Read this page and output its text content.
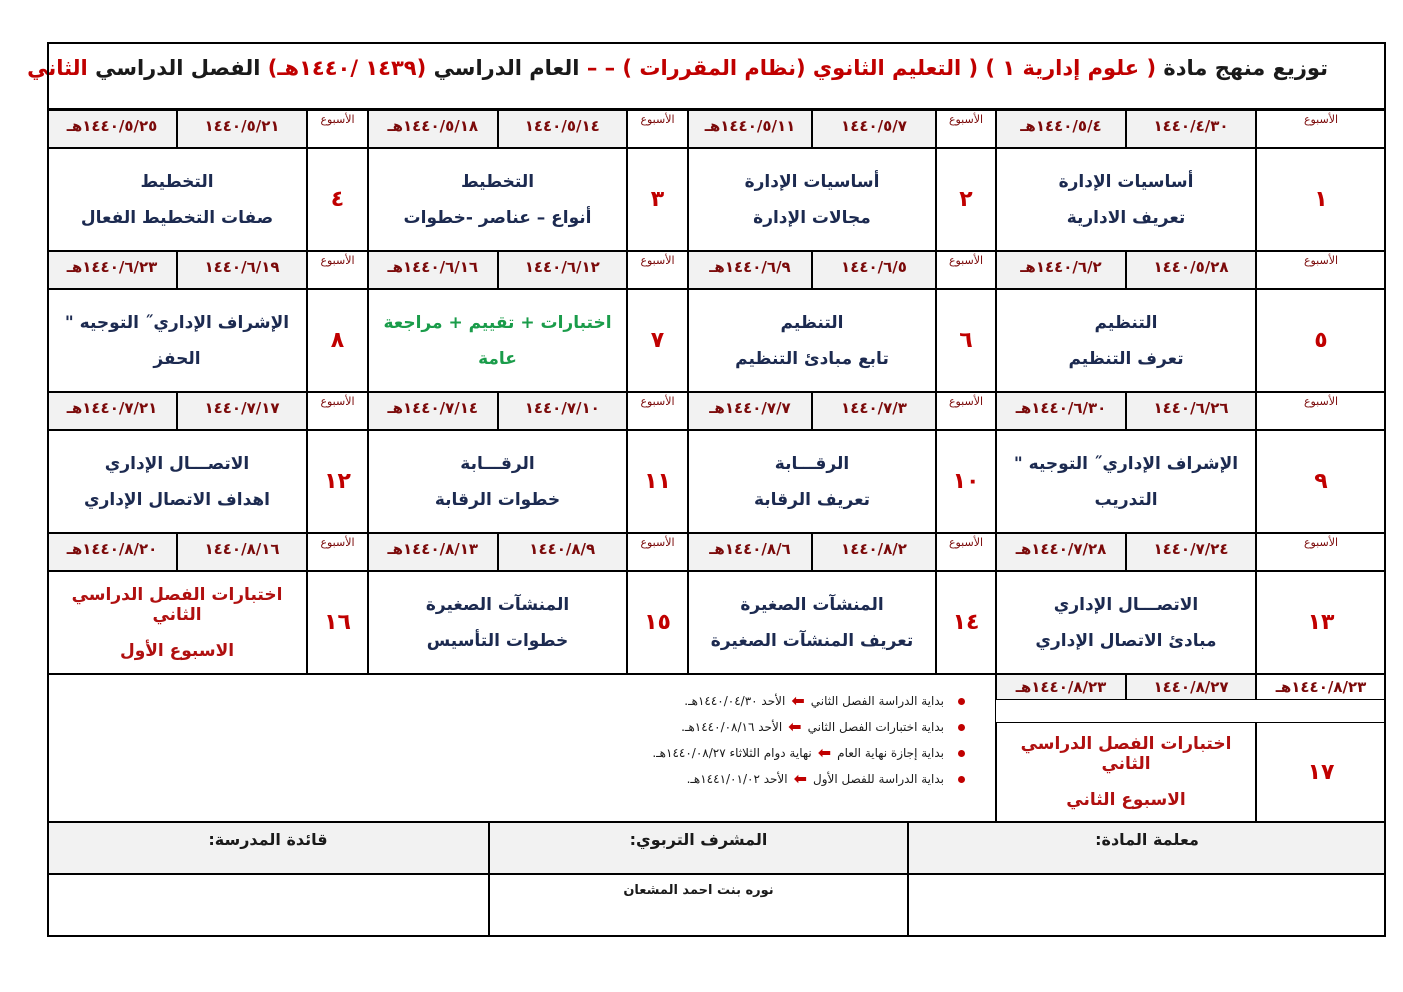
توزيع منهج مادة ( علوم إدارية ١ ) ( التعليم الثانوي (نظام المقررات ) – – العام الدراسي (١٤٣٩ /١٤٤٠هـ) الفصل الدراسي الثاني
الأسبوع
١٤٤٠/٤/٣٠
١٤٤٠/٥/٤هـ
١
أساسيات الإدارة
تعريف الادارية
الأسبوع
١٤٤٠/٥/٧
١٤٤٠/٥/١١هـ
٢
أساسيات الإدارة
مجالات الإدارة
الأسبوع
١٤٤٠/٥/١٤
١٤٤٠/٥/١٨هـ
٣
التخطيط
أنواع – عناصر -خطوات
الأسبوع
١٤٤٠/٥/٢١
١٤٤٠/٥/٢٥هـ
٤
التخطيط
صفات التخطيط الفعال
الأسبوع
١٤٤٠/٥/٢٨
١٤٤٠/٦/٢هـ
٥
التنظيم
تعرف التنظيم
الأسبوع
١٤٤٠/٦/٥
١٤٤٠/٦/٩هـ
٦
التنظيم
تابع مبادئ التنظيم
الأسبوع
١٤٤٠/٦/١٢
١٤٤٠/٦/١٦هـ
٧
اختبارات + تقييم + مراجعة
عامة
الأسبوع
١٤٤٠/٦/١٩
١٤٤٠/٦/٢٣هـ
٨
الإشراف الإداري˝ التوجيه "
الحفز
الأسبوع
١٤٤٠/٦/٢٦
١٤٤٠/٦/٣٠هـ
٩
الإشراف الإداري˝ التوجيه "
التدريب
الأسبوع
١٤٤٠/٧/٣
١٤٤٠/٧/٧هـ
١٠
الرقـــابة
تعريف الرقابة
الأسبوع
١٤٤٠/٧/١٠
١٤٤٠/٧/١٤هـ
١١
الرقـــابة
خطوات الرقابة
الأسبوع
١٤٤٠/٧/١٧
١٤٤٠/٧/٢١هـ
١٢
الاتصـــال الإداري
اهداف الاتصال الإداري
الأسبوع
١٤٤٠/٧/٢٤
١٤٤٠/٧/٢٨هـ
١٣
الاتصـــال الإداري
مبادئ الاتصال الإداري
الأسبوع
١٤٤٠/٨/٢
١٤٤٠/٨/٦هـ
١٤
المنشآت الصغيرة
تعريف المنشآت الصغيرة
الأسبوع
١٤٤٠/٨/٩
١٤٤٠/٨/١٣هـ
١٥
المنشآت الصغيرة
خطوات التأسيس
الأسبوع
١٤٤٠/٨/١٦
١٤٤٠/٨/٢٠هـ
١٦
اختبارات الفصل الدراسي الثاني
الاسبوع الأول
١٤٤٠/٨/٢٣هـ
١٤٤٠/٨/٢٧
١٤٤٠/٨/٢٣هـ
١٧
اختبارات الفصل الدراسي الثاني
الاسبوع الثاني
بداية الدراسة الفصل الثاني
⬅
الأحد ١٤٤٠/٠٤/٣٠هـ.
بداية اختبارات الفصل الثاني
⬅
الأحد ١٤٤٠/٠٨/١٦هـ.
بداية إجازة نهاية العام
⬅
نهاية دوام الثلاثاء ١٤٤٠/٠٨/٢٧هـ.
بداية الدراسة للفصل الأول
⬅
الأحد ١٤٤١/٠١/٠٢هـ.
معلمة المادة:
المشرف التربوي:
قائدة المدرسة:
نوره بنت احمد المشعان
